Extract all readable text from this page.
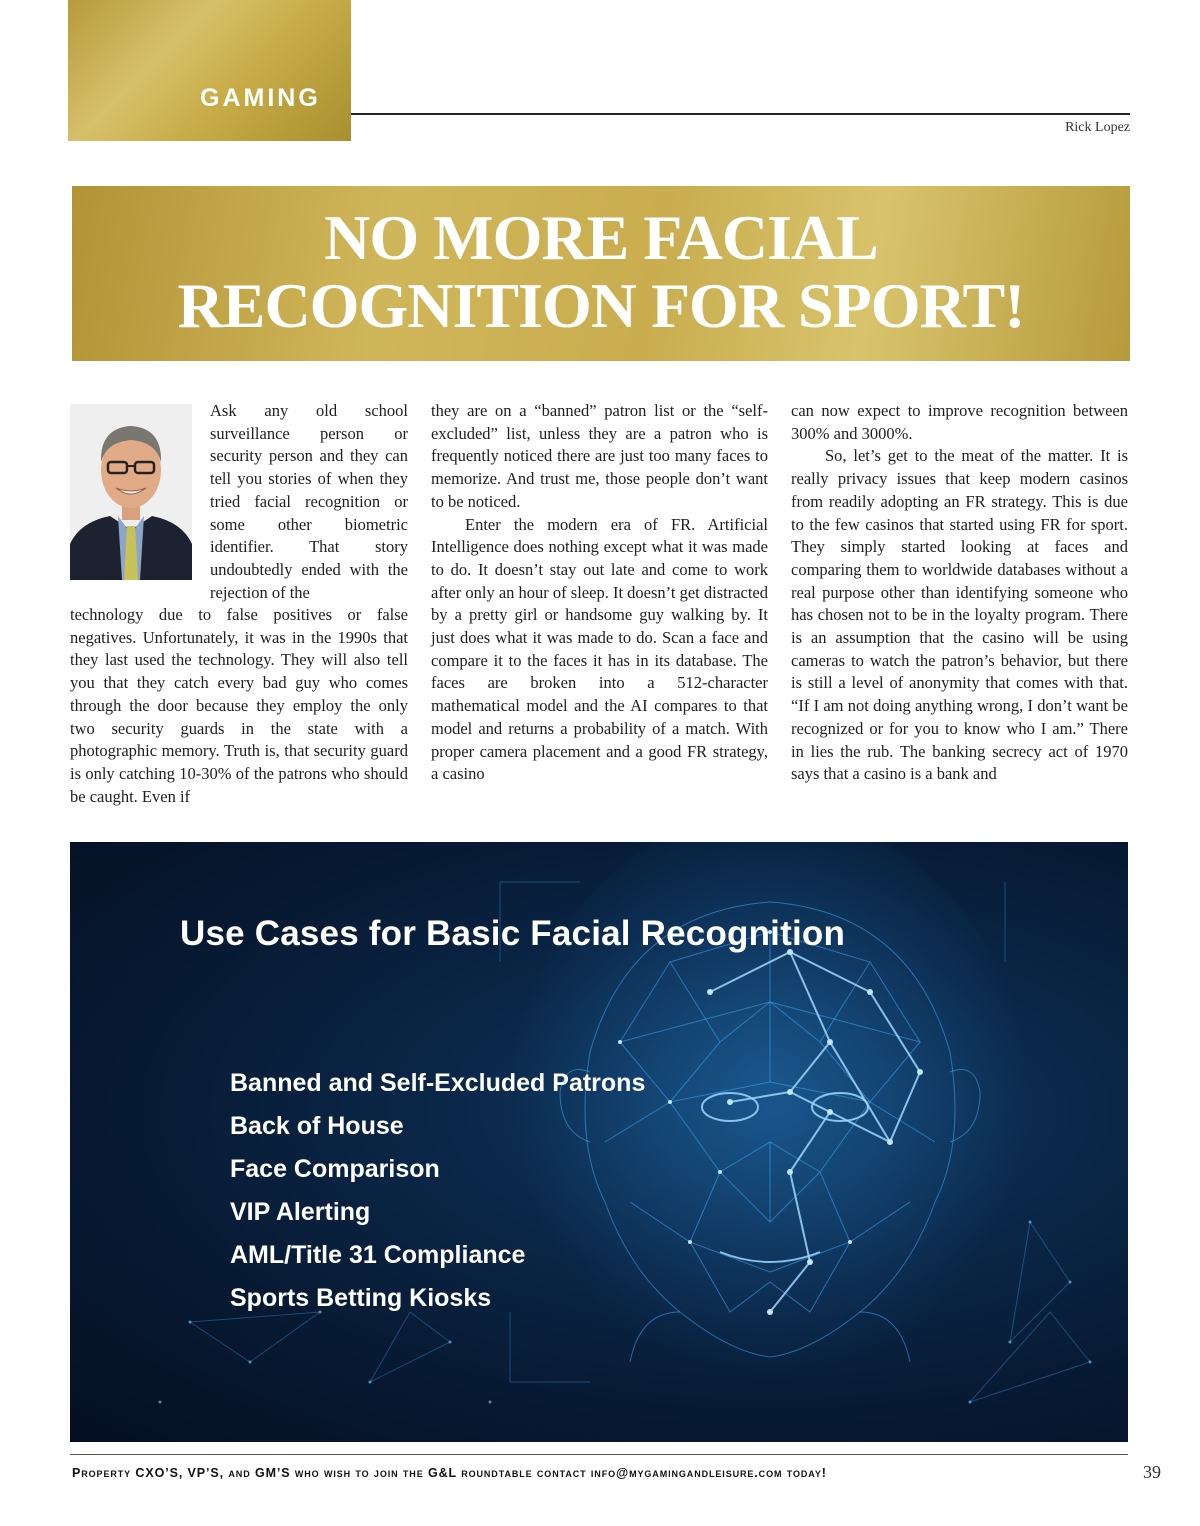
GAMING
Rick Lopez
NO MORE FACIAL
RECOGNITION FOR SPORT!
Ask any old school surveillance person or security person and they can tell you stories of when they tried facial recognition or some other biometric identifier. That story undoubtedly ended with the rejection of the
technology due to false positives or false negatives. Unfortunately, it was in the 1990s that they last used the technology. They will also tell you that they catch every bad guy who comes through the door because they employ the only two security guards in the state with a photographic memory. Truth is, that security guard is only catching 10-30% of the patrons who should be caught. Even if
they are on a “banned” patron list or the “self-excluded” list, unless they are a patron who is frequently noticed there are just too many faces to memorize. And trust me, those people don’t want to be noticed.
Enter the modern era of FR. Artificial Intelligence does nothing except what it was made to do. It doesn’t stay out late and come to work after only an hour of sleep. It doesn’t get distracted by a pretty girl or handsome guy walking by. It just does what it was made to do. Scan a face and compare it to the faces it has in its database. The faces are broken into a 512-character mathematical model and the AI compares to that model and returns a probability of a match. With proper camera placement and a good FR strategy, a casino
can now expect to improve recognition between 300% and 3000%.
So, let’s get to the meat of the matter. It is really privacy issues that keep modern casinos from readily adopting an FR strategy. This is due to the few casinos that started using FR for sport. They simply started looking at faces and comparing them to worldwide databases without a real purpose other than identifying someone who has chosen not to be in the loyalty program. There is an assumption that the casino will be using cameras to watch the patron’s behavior, but there is still a level of anonymity that comes with that. “If I am not doing anything wrong, I don’t want be recognized or for you to know who I am.” There in lies the rub. The banking secrecy act of 1970 says that a casino is a bank and
Use Cases for Basic Facial Recognition
Banned and Self-Excluded Patrons
Back of House
Face Comparison
VIP Alerting
AML/Title 31 Compliance
Sports Betting Kiosks
Property CXO’S, VP’S, and GM’S who wish to join the G&L roundtable contact info@mygamingandleisure.com today!	39
